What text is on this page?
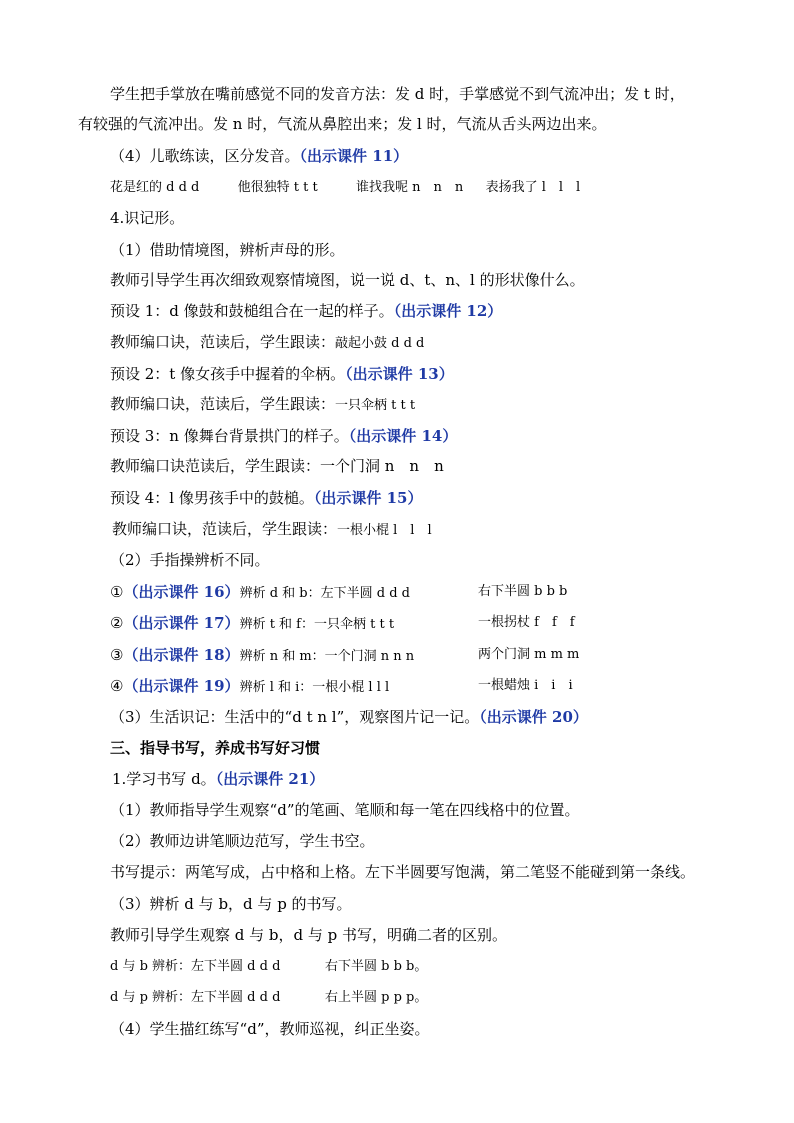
学生把手掌放在嘴前感觉不同的发音方法：发 d 时，手掌感觉不到气流冲出；发 t 时，
有较强的气流冲出。发 n 时，气流从鼻腔出来；发 l 时，气流从舌头两边出来。
（4）儿歌练读，区分发音。（出示课件 11）
花是红的 d d d	他很独特 t t t	谁找我呢 n　n　n 表扬我了 l　l　l
4.识记形。
（1）借助情境图，辨析声母的形。
教师引导学生再次细致观察情境图，说一说 d、t、n、l 的形状像什么。
预设 1：d 像鼓和鼓槌组合在一起的样子。（出示课件 12）
教师编口诀，范读后，学生跟读：敲起小鼓 d d d
预设 2：t 像女孩手中握着的伞柄。（出示课件 13）
教师编口诀，范读后，学生跟读：一只伞柄 t t t
预设 3：n 像舞台背景拱门的样子。（出示课件 14）
教师编口诀范读后，学生跟读：一个门洞 n　n　n
预设 4：l 像男孩手中的鼓槌。（出示课件 15）
教师编口诀，范读后，学生跟读：一根小棍 l　l　l
（2）手指操辨析不同。
①（出示课件 16）辨析 d 和 b：左下半圆 d d d	右下半圆 b b b
②（出示课件 17）辨析 t 和 f：一只伞柄 t t t	一根拐杖 f　f　f
③（出示课件 18）辨析 n 和 m：一个门洞 n n n	两个门洞 m m m
④（出示课件 19）辨析 l 和 i：一根小棍 l l l	一根蜡烛 i　i　i
（3）生活识记：生活中的“d t n l”，观察图片记一记。（出示课件 20）
三、指导书写，养成书写好习惯
1.学习书写 d。（出示课件 21）
（1）教师指导学生观察“d”的笔画、笔顺和每一笔在四线格中的位置。
（2）教师边讲笔顺边范写，学生书空。
书写提示：两笔写成，占中格和上格。左下半圆要写饱满，第二笔竖不能碰到第一条线。
（3）辨析 d 与 b，d 与 p 的书写。
教师引导学生观察 d 与 b，d 与 p 书写，明确二者的区别。
d 与 b 辨析：左下半圆 d d d	右下半圆 b b b。
d 与 p 辨析：左下半圆 d d d	右上半圆 p p p。
（4）学生描红练写“d”，教师巡视，纠正坐姿。
